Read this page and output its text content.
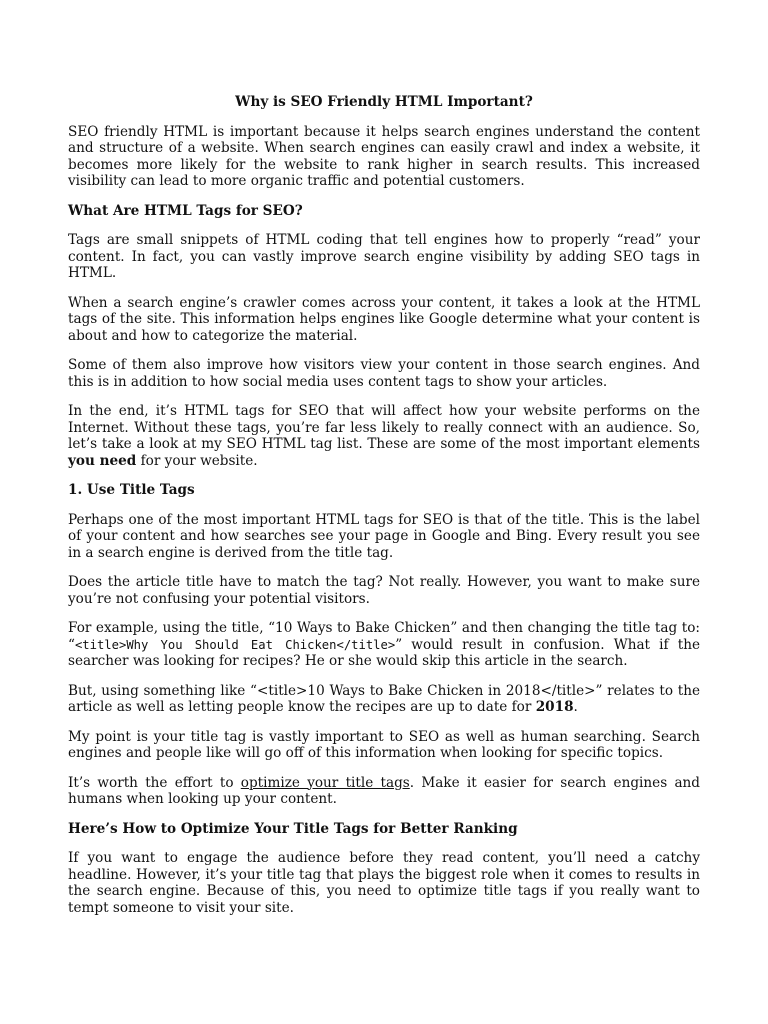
Why is SEO Friendly HTML Important?

SEO friendly HTML is important because it helps search engines understand the content and structure of a website. When search engines can easily crawl and index a website, it becomes more likely for the website to rank higher in search results. This increased visibility can lead to more organic traffic and potential customers.

What Are HTML Tags for SEO?

Tags are small snippets of HTML coding that tell engines how to properly “read” your content. In fact, you can vastly improve search engine visibility by adding SEO tags in HTML.

When a search engine’s crawler comes across your content, it takes a look at the HTML tags of the site. This information helps engines like Google determine what your content is about and how to categorize the material.

Some of them also improve how visitors view your content in those search engines. And this is in addition to how social media uses content tags to show your articles.

In the end, it’s HTML tags for SEO that will affect how your website performs on the Internet. Without these tags, you’re far less likely to really connect with an audience. So, let’s take a look at my SEO HTML tag list. These are some of the most important elements you need for your website.

1. Use Title Tags

Perhaps one of the most important HTML tags for SEO is that of the title. This is the label of your content and how searches see your page in Google and Bing. Every result you see in a search engine is derived from the title tag.

Does the article title have to match the tag? Not really. However, you want to make sure you’re not confusing your potential visitors.

For example, using the title, “10 Ways to Bake Chicken” and then changing the title tag to: “<title>Why You Should Eat Chicken</title>” would result in confusion. What if the searcher was looking for recipes? He or she would skip this article in the search.

But, using something like “<title>10 Ways to Bake Chicken in 2018</title>” relates to the article as well as letting people know the recipes are up to date for 2018.

My point is your title tag is vastly important to SEO as well as human searching. Search engines and people like will go off of this information when looking for specific topics.

It’s worth the effort to optimize your title tags. Make it easier for search engines and humans when looking up your content.

Here’s How to Optimize Your Title Tags for Better Ranking

If you want to engage the audience before they read content, you’ll need a catchy headline. However, it’s your title tag that plays the biggest role when it comes to results in the search engine. Because of this, you need to optimize title tags if you really want to tempt someone to visit your site.
